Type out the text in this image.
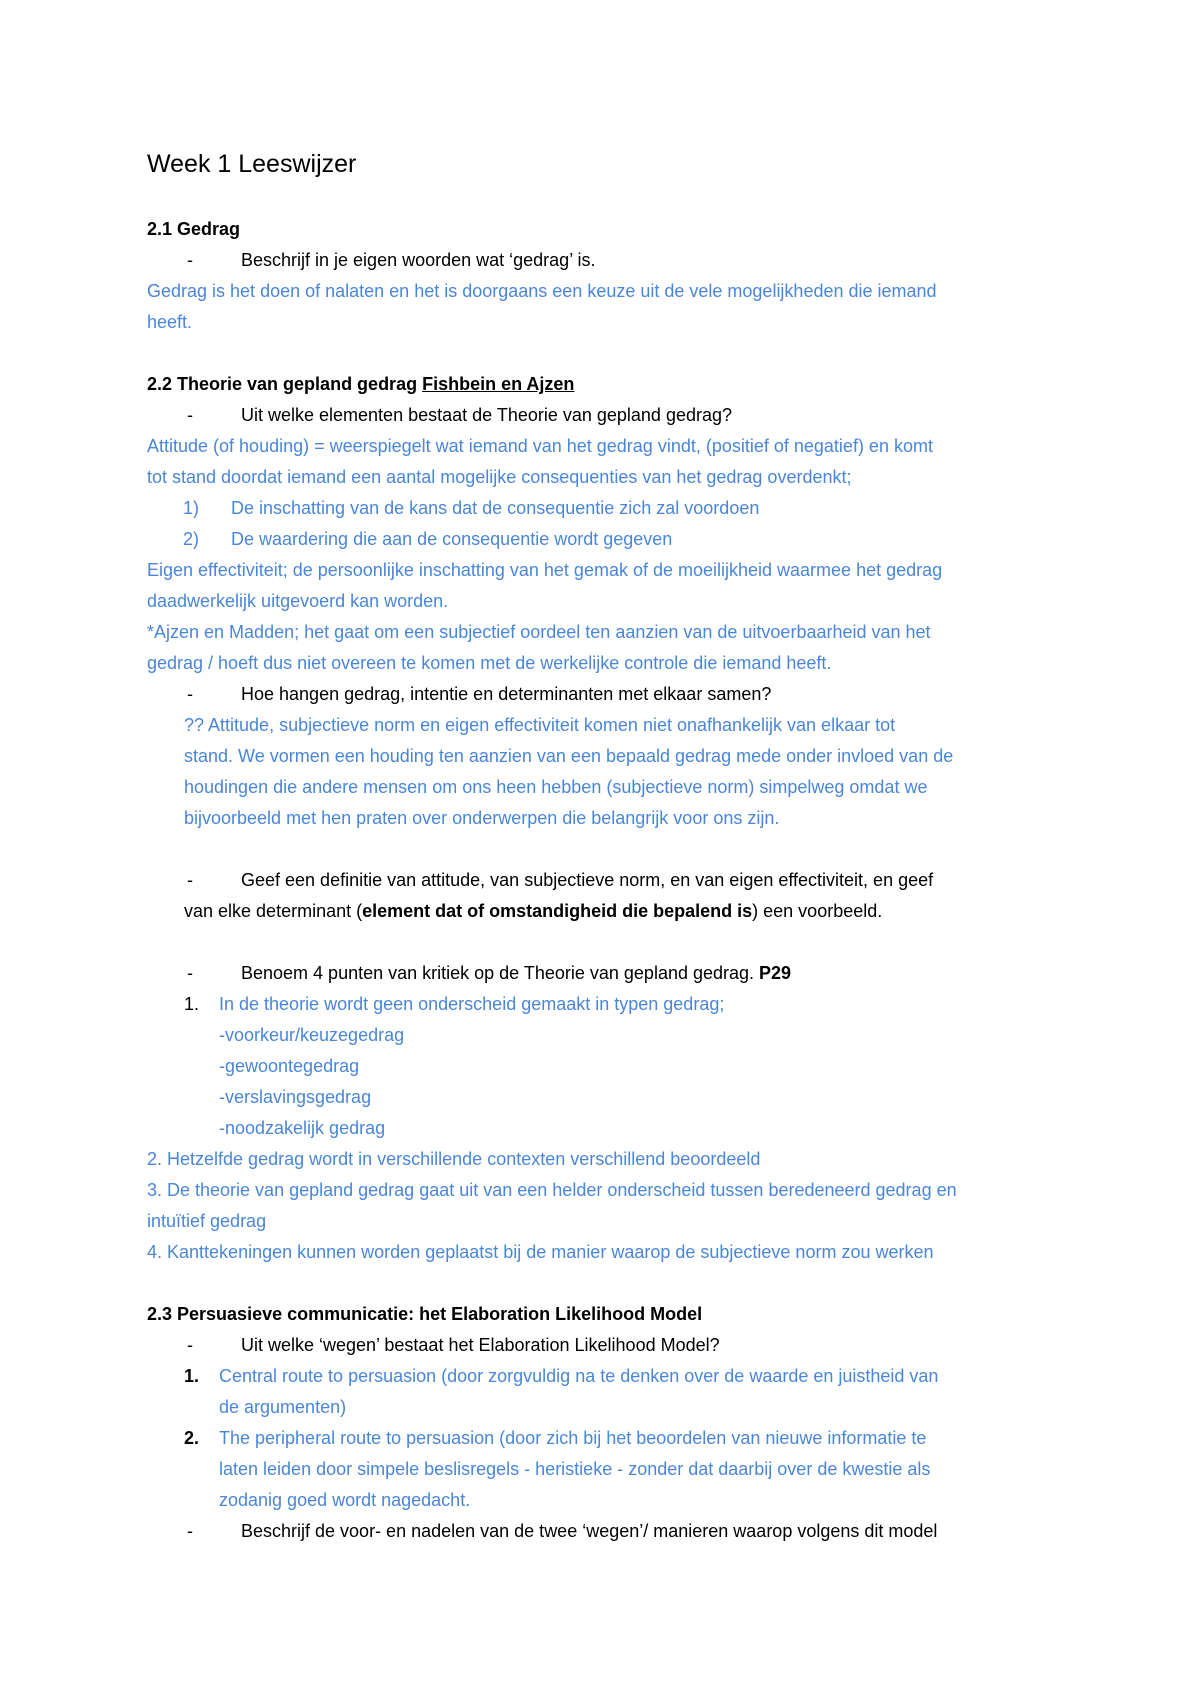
Week 1 Leeswijzer
2.1 Gedrag
-	Beschrijf in je eigen woorden wat ‘gedrag’ is.
Gedrag is het doen of nalaten en het is doorgaans een keuze uit de vele mogelijkheden die iemand
heeft.
2.2 Theorie van gepland gedrag Fishbein en Ajzen
-	Uit welke elementen bestaat de Theorie van gepland gedrag?
Attitude (of houding) = weerspiegelt wat iemand van het gedrag vindt, (positief of negatief) en komt
tot stand doordat iemand een aantal mogelijke consequenties van het gedrag overdenkt;
1) De inschatting van de kans dat de consequentie zich zal voordoen
2) De waardering die aan de consequentie wordt gegeven
Eigen effectiviteit; de persoonlijke inschatting van het gemak of de moeilijkheid waarmee het gedrag
daadwerkelijk uitgevoerd kan worden.
*Ajzen en Madden; het gaat om een subjectief oordeel ten aanzien van de uitvoerbaarheid van het
gedrag / hoeft dus niet overeen te komen met de werkelijke controle die iemand heeft.
-	Hoe hangen gedrag, intentie en determinanten met elkaar samen?
?? Attitude, subjectieve norm en eigen effectiviteit komen niet onafhankelijk van elkaar tot
stand. We vormen een houding ten aanzien van een bepaald gedrag mede onder invloed van de
houdingen die andere mensen om ons heen hebben (subjectieve norm) simpelweg omdat we
bijvoorbeeld met hen praten over onderwerpen die belangrijk voor ons zijn.
-	Geef een definitie van attitude, van subjectieve norm, en van eigen effectiviteit, en geef
van elke determinant (element dat of omstandigheid die bepalend is) een voorbeeld.
-	Benoem 4 punten van kritiek op de Theorie van gepland gedrag. P29
1. In de theorie wordt geen onderscheid gemaakt in typen gedrag;
-voorkeur/keuzegedrag
-gewoontegedrag
-verslavingsgedrag
-noodzakelijk gedrag
2. Hetzelfde gedrag wordt in verschillende contexten verschillend beoordeeld
3. De theorie van gepland gedrag gaat uit van een helder onderscheid tussen beredeneerd gedrag en
intuïtief gedrag
4. Kanttekeningen kunnen worden geplaatst bij de manier waarop de subjectieve norm zou werken
2.3 Persuasieve communicatie: het Elaboration Likelihood Model
-	Uit welke ‘wegen’ bestaat het Elaboration Likelihood Model?
1. Central route to persuasion (door zorgvuldig na te denken over de waarde en juistheid van
de argumenten)
2. The peripheral route to persuasion (door zich bij het beoordelen van nieuwe informatie te
laten leiden door simpele beslisregels - heristieke - zonder dat daarbij over de kwestie als
zodanig goed wordt nagedacht.
-	Beschrijf de voor- en nadelen van de twee ‘wegen’/ manieren waarop volgens dit model
